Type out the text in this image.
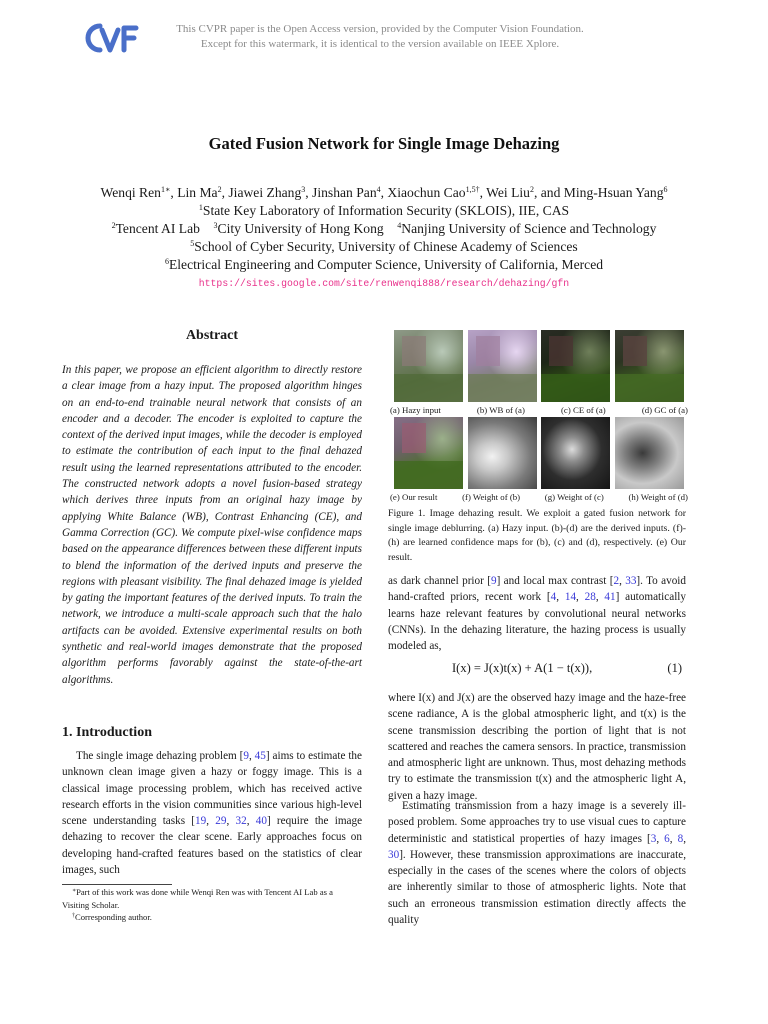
This CVPR paper is the Open Access version, provided by the Computer Vision Foundation.
Except for this watermark, it is identical to the version available on IEEE Xplore.
Gated Fusion Network for Single Image Dehazing
Wenqi Ren$^{1∗}$, Lin Ma$^2$, Jiawei Zhang$^3$, Jinshan Pan$^4$, Xiaochun Cao$^{1,5\dagger}$, Wei Liu$^2$, and Ming-Hsuan Yang$^6$
$^1$State Key Laboratory of Information Security (SKLOIS), IIE, CAS
$^2$Tencent AI Lab $^3$City University of Hong Kong $^4$Nanjing University of Science and Technology
$^5$School of Cyber Security, University of Chinese Academy of Sciences
$^6$Electrical Engineering and Computer Science, University of California, Merced
https://sites.google.com/site/renwenqi888/research/dehazing/gfn
Abstract

In this paper, we propose an efficient algorithm to directly restore a clear image from a hazy input. The proposed algorithm hinges on an end-to-end trainable neural network that consists of an encoder and a decoder. The encoder is exploited to capture the context of the derived input images, while the decoder is employed to estimate the contribution of each input to the final dehazed result using the learned representations attributed to the encoder. The constructed network adopts a novel fusion-based strategy which derives three inputs from an original hazy image by applying White Balance (WB), Contrast Enhancing (CE), and Gamma Correction (GC). We compute pixel-wise confidence maps based on the appearance differences between these different inputs to blend the information of the derived inputs and preserve the regions with pleasant visibility. The final dehazed image is yielded by gating the important features of the derived inputs. To train the network, we introduce a multi-scale approach such that the halo artifacts can be avoided. Extensive experimental results on both synthetic and real-world images demonstrate that the proposed algorithm performs favorably against the state-of-the-art algorithms.

1. Introduction

The single image dehazing problem [9, 45] aims to estimate the unknown clean image given a hazy or foggy image. This is a classical image processing problem, which has received active research efforts in the vision communities since various high-level scene understanding tasks [19, 29, 32, 40] require the image dehazing to recover the clear scene. Early approaches focus on developing hand-crafted features based on the statistics of clear images, such

∗Part of this work was done while Wenqi Ren was with Tencent AI Lab as a Visiting Scholar.
†Corresponding author.
(a) Hazy input	(b) WB of (a)	(c) CE of (a)	(d) GC of (a)
(e) Our result	(f) Weight of (b)	(g) Weight of (c)	(h) Weight of (d)

Figure 1. Image dehazing result. We exploit a gated fusion network for single image deblurring. (a) Hazy input. (b)-(d) are the derived inputs. (f)-(h) are learned confidence maps for (b), (c) and (d), respectively. (e) Our result.

as dark channel prior [9] and local max contrast [2, 33]. To avoid hand-crafted priors, recent work [4, 14, 28, 41] automatically learns haze relevant features by convolutional neural networks (CNNs). In the dehazing literature, the hazing process is usually modeled as,

I(x) = J(x)t(x) + A(1 − t(x)),	(1)

where I(x) and J(x) are the observed hazy image and the haze-free scene radiance, A is the global atmospheric light, and t(x) is the scene transmission describing the portion of light that is not scattered and reaches the camera sensors. In practice, transmission and atmospheric light are unknown. Thus, most dehazing methods try to estimate the transmission t(x) and the atmospheric light A, given a hazy image.

Estimating transmission from a hazy image is a severely ill-posed problem. Some approaches try to use visual cues to capture deterministic and statistical properties of hazy images [3, 6, 8, 30]. However, these transmission approximations are inaccurate, especially in the cases of the scenes where the colors of objects are inherently similar to those of atmospheric lights. Note that such an erroneous transmission estimation directly affects the quality
